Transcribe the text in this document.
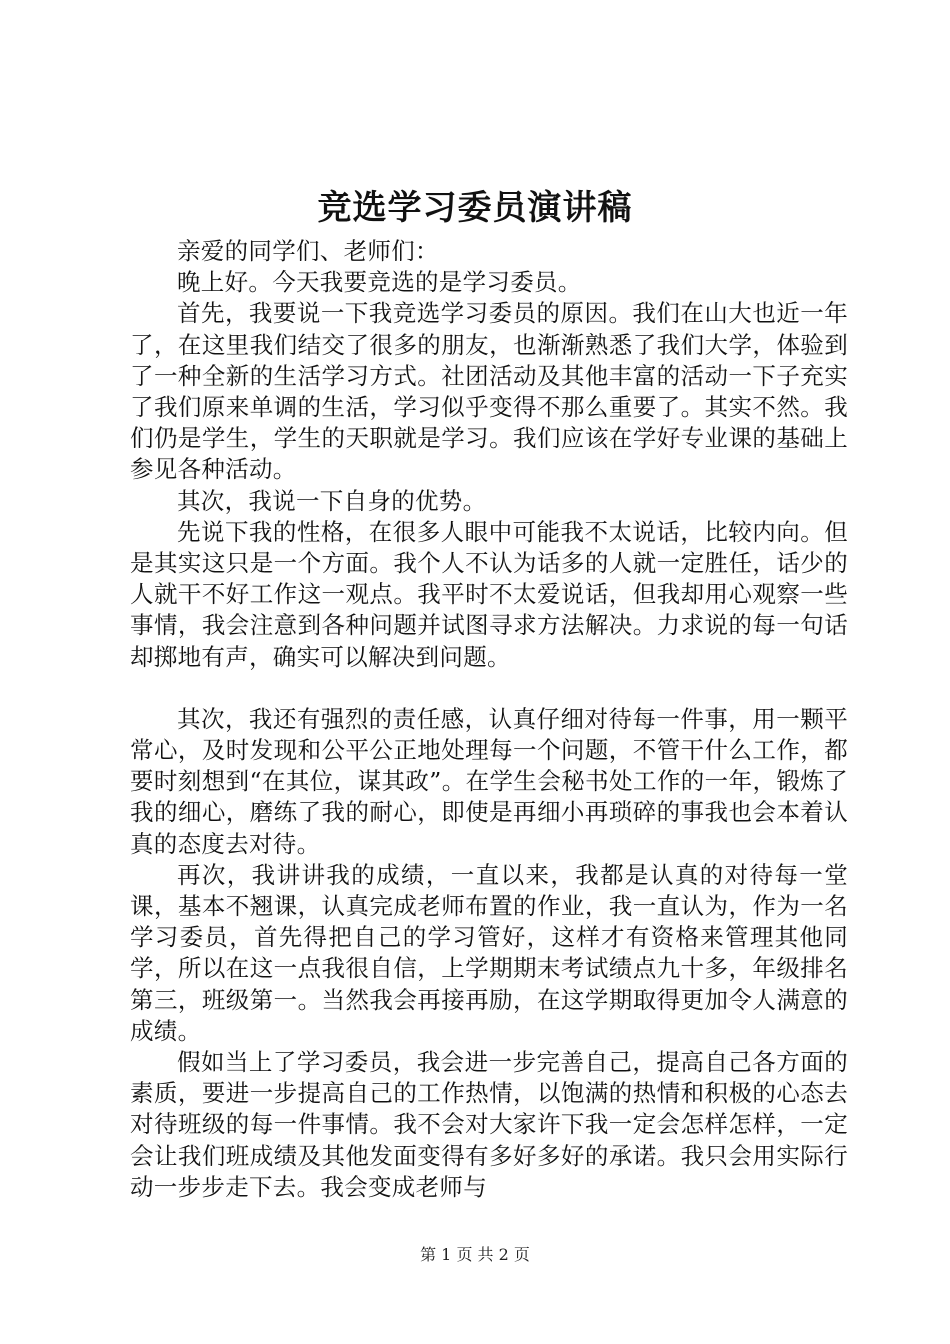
竞选学习委员演讲稿

亲爱的同学们、老师们：

晚上好。今天我要竞选的是学习委员。

首先，我要说一下我竞选学习委员的原因。我们在山大也近一年了，在这里我们结交了很多的朋友，也渐渐熟悉了我们大学，体验到了一种全新的生活学习方式。社团活动及其他丰富的活动一下子充实了我们原来单调的生活，学习似乎变得不那么重要了。其实不然。我们仍是学生，学生的天职就是学习。我们应该在学好专业课的基础上参见各种活动。

其次，我说一下自身的优势。

先说下我的性格，在很多人眼中可能我不太说话，比较内向。但是其实这只是一个方面。我个人不认为话多的人就一定胜任，话少的人就干不好工作这一观点。我平时不太爱说话，但我却用心观察一些事情，我会注意到各种问题并试图寻求方法解决。力求说的每一句话却掷地有声，确实可以解决到问题。

其次，我还有强烈的责任感，认真仔细对待每一件事，用一颗平常心，及时发现和公平公正地处理每一个问题，不管干什么工作，都要时刻想到“在其位，谋其政”。在学生会秘书处工作的一年，锻炼了我的细心，磨练了我的耐心，即使是再细小再琐碎的事我也会本着认真的态度去对待。

再次，我讲讲我的成绩，一直以来，我都是认真的对待每一堂课，基本不翘课，认真完成老师布置的作业，我一直认为，作为一名学习委员，首先得把自己的学习管好，这样才有资格来管理其他同学，所以在这一点我很自信，上学期期末考试绩点九十多，年级排名第三，班级第一。当然我会再接再励，在这学期取得更加令人满意的成绩。

假如当上了学习委员，我会进一步完善自己，提高自己各方面的素质，要进一步提高自己的工作热情，以饱满的热情和积极的心态去对待班级的每一件事情。我不会对大家许下我一定会怎样怎样，一定会让我们班成绩及其他发面变得有多好多好的承诺。我只会用实际行动一步步走下去。我会变成老师与

第 1 页 共 2 页
